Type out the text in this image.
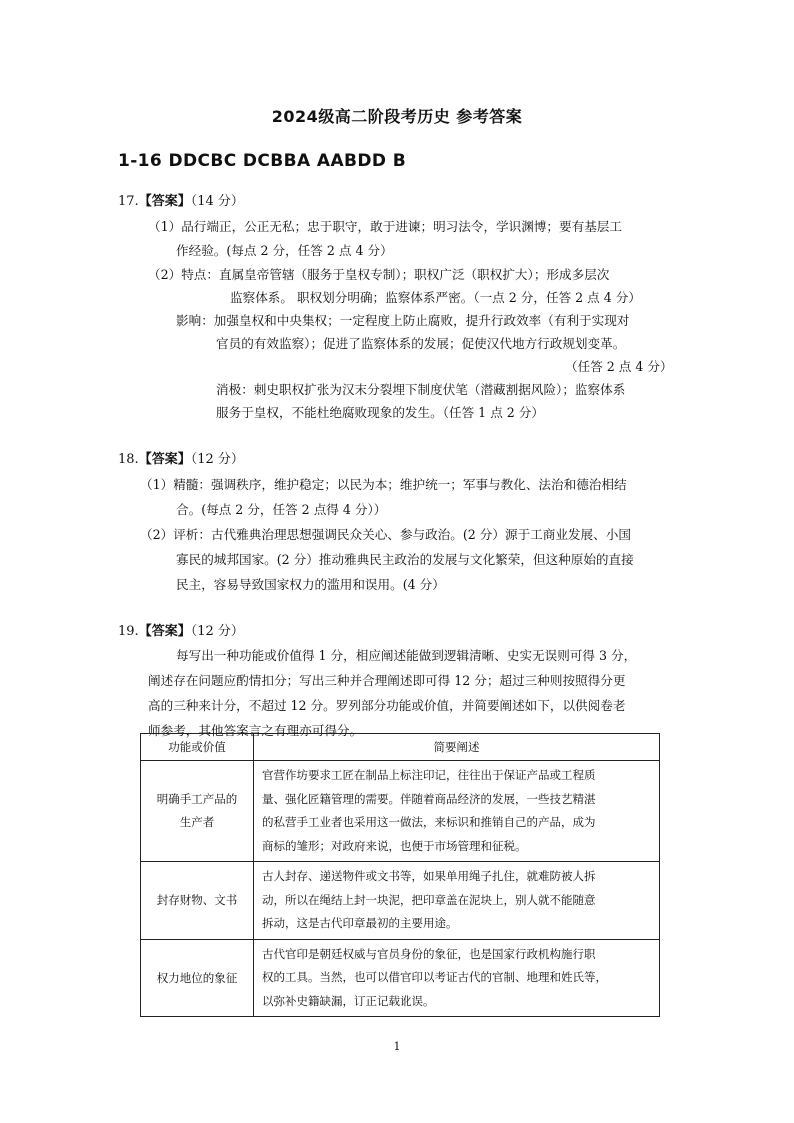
2024级高二阶段考历史 参考答案
1-16 DDCBC DCBBA AABDD B
17.【答案】（14 分）
（1）品行端正，公正无私；忠于职守，敢于进谏；明习法令，学识渊博；要有基层工
作经验。(每点 2 分，任答 2 点 4 分）
（2）特点：直属皇帝管辖（服务于皇权专制）；职权广泛（职权扩大）；形成多层次
监察体系。 职权划分明确；监察体系严密。（一点 2 分，任答 2 点 4 分）
影响：加强皇权和中央集权；一定程度上防止腐败，提升行政效率（有利于实现对
官员的有效监察）；促进了监察体系的发展；促使汉代地方行政规划变革。
（任答 2 点 4 分）
消极：刺史职权扩张为汉末分裂埋下制度伏笔（潜藏割据风险）；监察体系
服务于皇权，不能杜绝腐败现象的发生。（任答 1 点 2 分）
18.【答案】（12 分）
（1）精髓：强调秩序，维护稳定；以民为本；维护统一；军事与教化、法治和德治相结
合。(每点 2 分，任答 2 点得 4 分））
（2）评析：古代雅典治理思想强调民众关心、参与政治。(2 分）源于工商业发展、小国
寡民的城邦国家。(2 分）推动雅典民主政治的发展与文化繁荣，但这种原始的直接
民主，容易导致国家权力的滥用和误用。(4 分）
19.【答案】（12 分）
每写出一种功能或价值得 1 分，相应阐述能做到逻辑清晰、史实无误则可得 3 分，
阐述存在问题应酌情扣分；写出三种并合理阐述即可得 12 分；超过三种则按照得分更
高的三种来计分，不超过 12 分。罗列部分功能或价值，并简要阐述如下，以供阅卷老
师参考，其他答案言之有理亦可得分。
功能或价值	简要阐述

明确手工产品的
生产者	官营作坊要求工匠在制品上标注印记，往往出于保证产品或工程质
量、强化匠籍管理的需要。伴随着商品经济的发展，一些技艺精湛
的私营手工业者也采用这一做法，来标识和推销自己的产品，成为
商标的雏形；对政府来说，也便于市场管理和征税。

封存财物、文书	古人封存、递送物件或文书等，如果单用绳子扎住，就难防被人拆
动，所以在绳结上封一块泥，把印章盖在泥块上，别人就不能随意
拆动，这是古代印章最初的主要用途。

权力地位的象征	古代官印是朝廷权威与官员身份的象征，也是国家行政机构施行职
权的工具。当然，也可以借官印以考证古代的官制、地理和姓氏等，
以弥补史籍缺漏，订正记载讹误。
1
